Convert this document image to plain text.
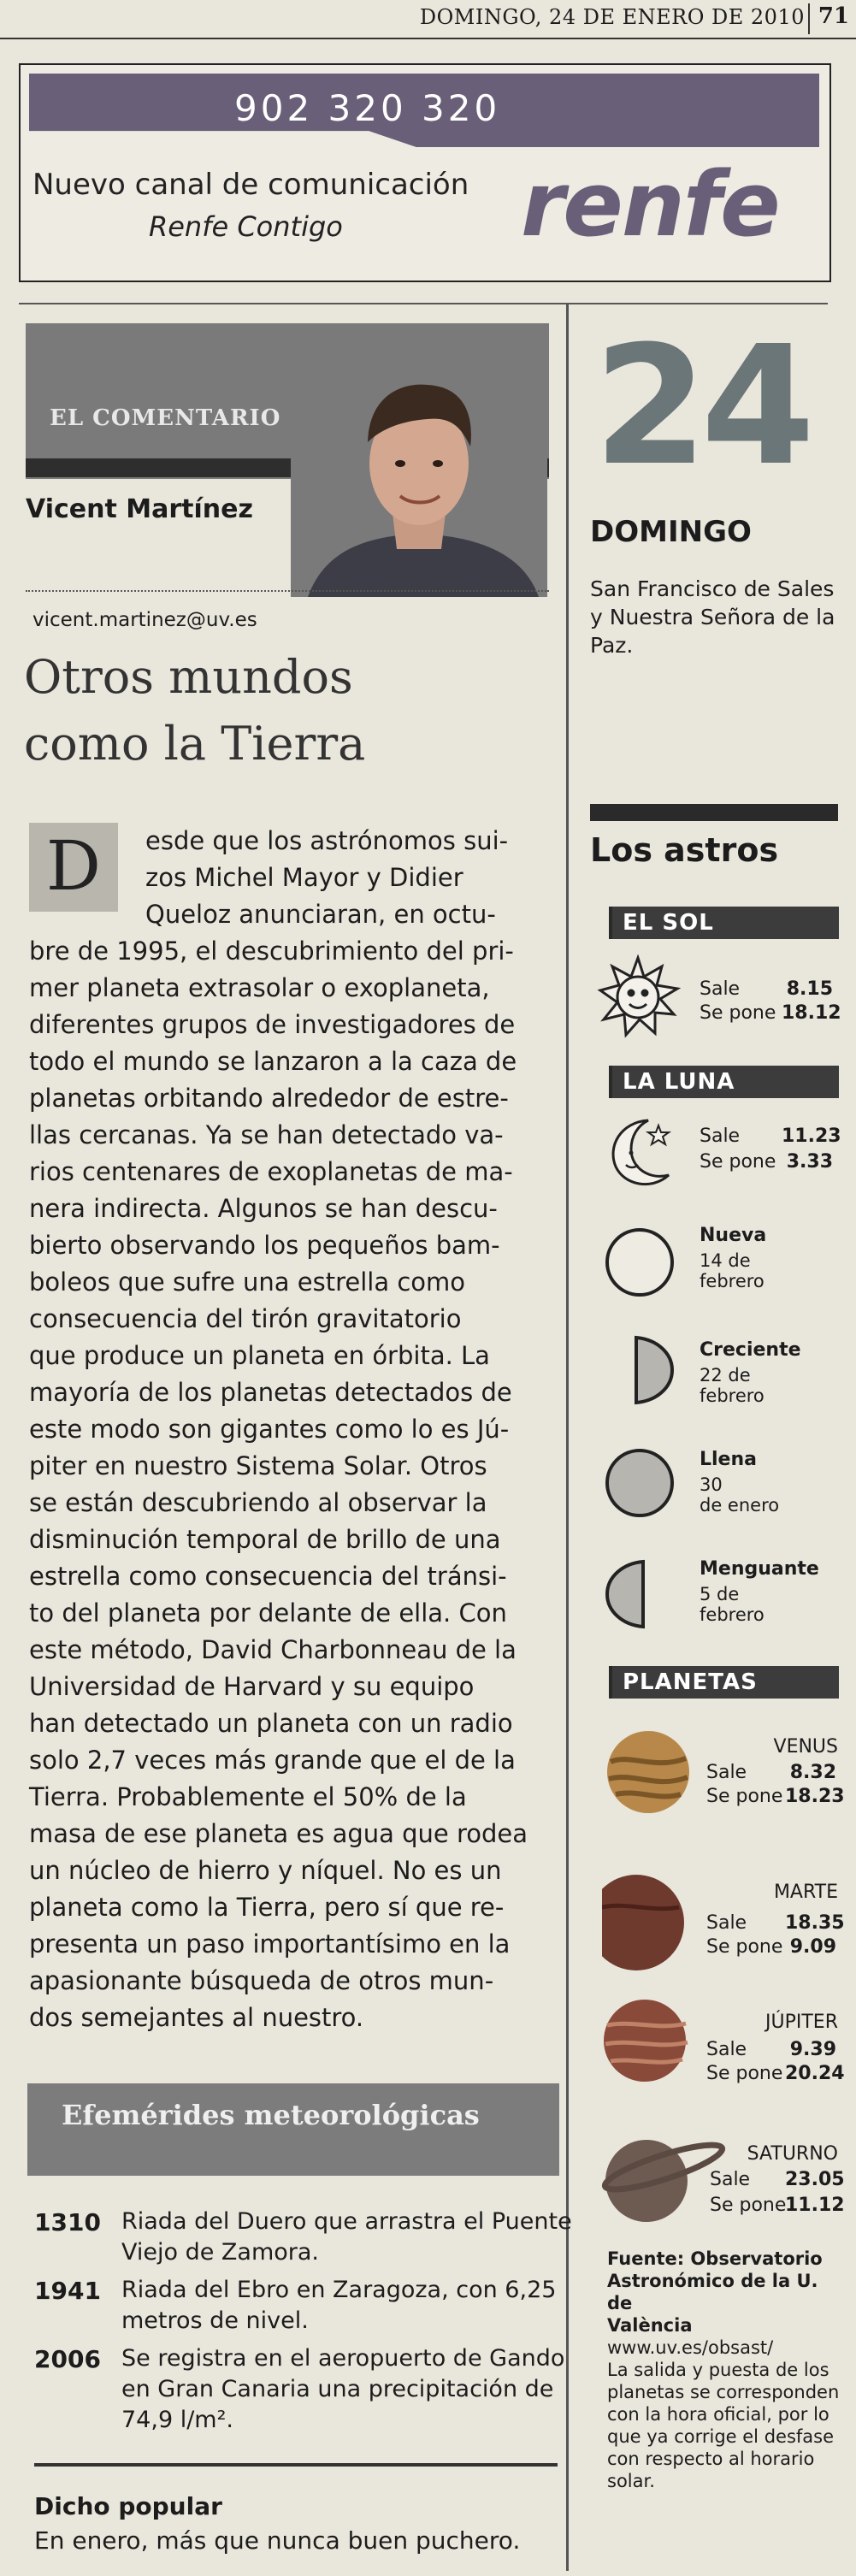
DOMINGO, 24 DE ENERO DE 2010 71
902 320 320
Nuevo canal de comunicación
Renfe Contigo renfe
EL COMENTARIO
Vicent Martínez
vicent.martinez@uv.es
Otros mundos
como la Tierra
D	esde que los astrónomos sui-
zos Michel Mayor y Didier
Queloz anunciaran, en octu-
bre de 1995, el descubrimiento del pri-
mer planeta extrasolar o exoplaneta,
diferentes grupos de investigadores de
todo el mundo se lanzaron a la caza de
planetas orbitando alrededor de estre-
llas cercanas. Ya se han detectado va-
rios centenares de exoplanetas de ma-
nera indirecta. Algunos se han descu-
bierto observando los pequeños bam-
boleos que sufre una estrella como
consecuencia del tirón gravitatorio
que produce un planeta en órbita. La
mayoría de los planetas detectados de
este modo son gigantes como lo es Jú-
piter en nuestro Sistema Solar. Otros
se están descubriendo al observar la
disminución temporal de brillo de una
estrella como consecuencia del tránsi-
to del planeta por delante de ella. Con
este método, David Charbonneau de la
Universidad de Harvard y su equipo
han detectado un planeta con un radio
solo 2,7 veces más grande que el de la
Tierra. Probablemente el 50% de la
masa de ese planeta es agua que rodea
un núcleo de hierro y níquel. No es un
planeta como la Tierra, pero sí que re-
presenta un paso importantísimo en la
apasionante búsqueda de otros mun-
dos semejantes al nuestro.
Efemérides meteorológicas
1310 Riada del Duero que arrastra el Puente
Viejo de Zamora.
1941 Riada del Ebro en Zaragoza, con 6,25
metros de nivel.
2006 Se registra en el aeropuerto de Gando
en Gran Canaria una precipitación de
74,9 l/m².
Dicho popular
En enero, más que nunca buen puchero.
24
DOMINGO
San Francisco de Sales
y Nuestra Señora de la
Paz.
Los astros
EL SOL
Sale 8.15
Se pone 18.12
LA LUNA
Sale 11.23
Se pone 3.33
Nueva
14 de
febrero
Creciente
22 de
febrero
Llena
30
de enero
Menguante
5 de
febrero
PLANETAS
VENUS
Sale 8.32
Se pone 18.23
MARTE
Sale 18.35
Se pone 9.09
JÚPITER
Sale 9.39
Se pone 20.24
SATURNO
Sale 23.05
Se pone
11.12
Fuente: Observatorio
Astronómico de la U. de
València
www.uv.es/obsast/
La salida y puesta de los
planetas se corresponden
con la hora oficial, por lo
que ya corrige el desfase
con respecto al horario
solar.
